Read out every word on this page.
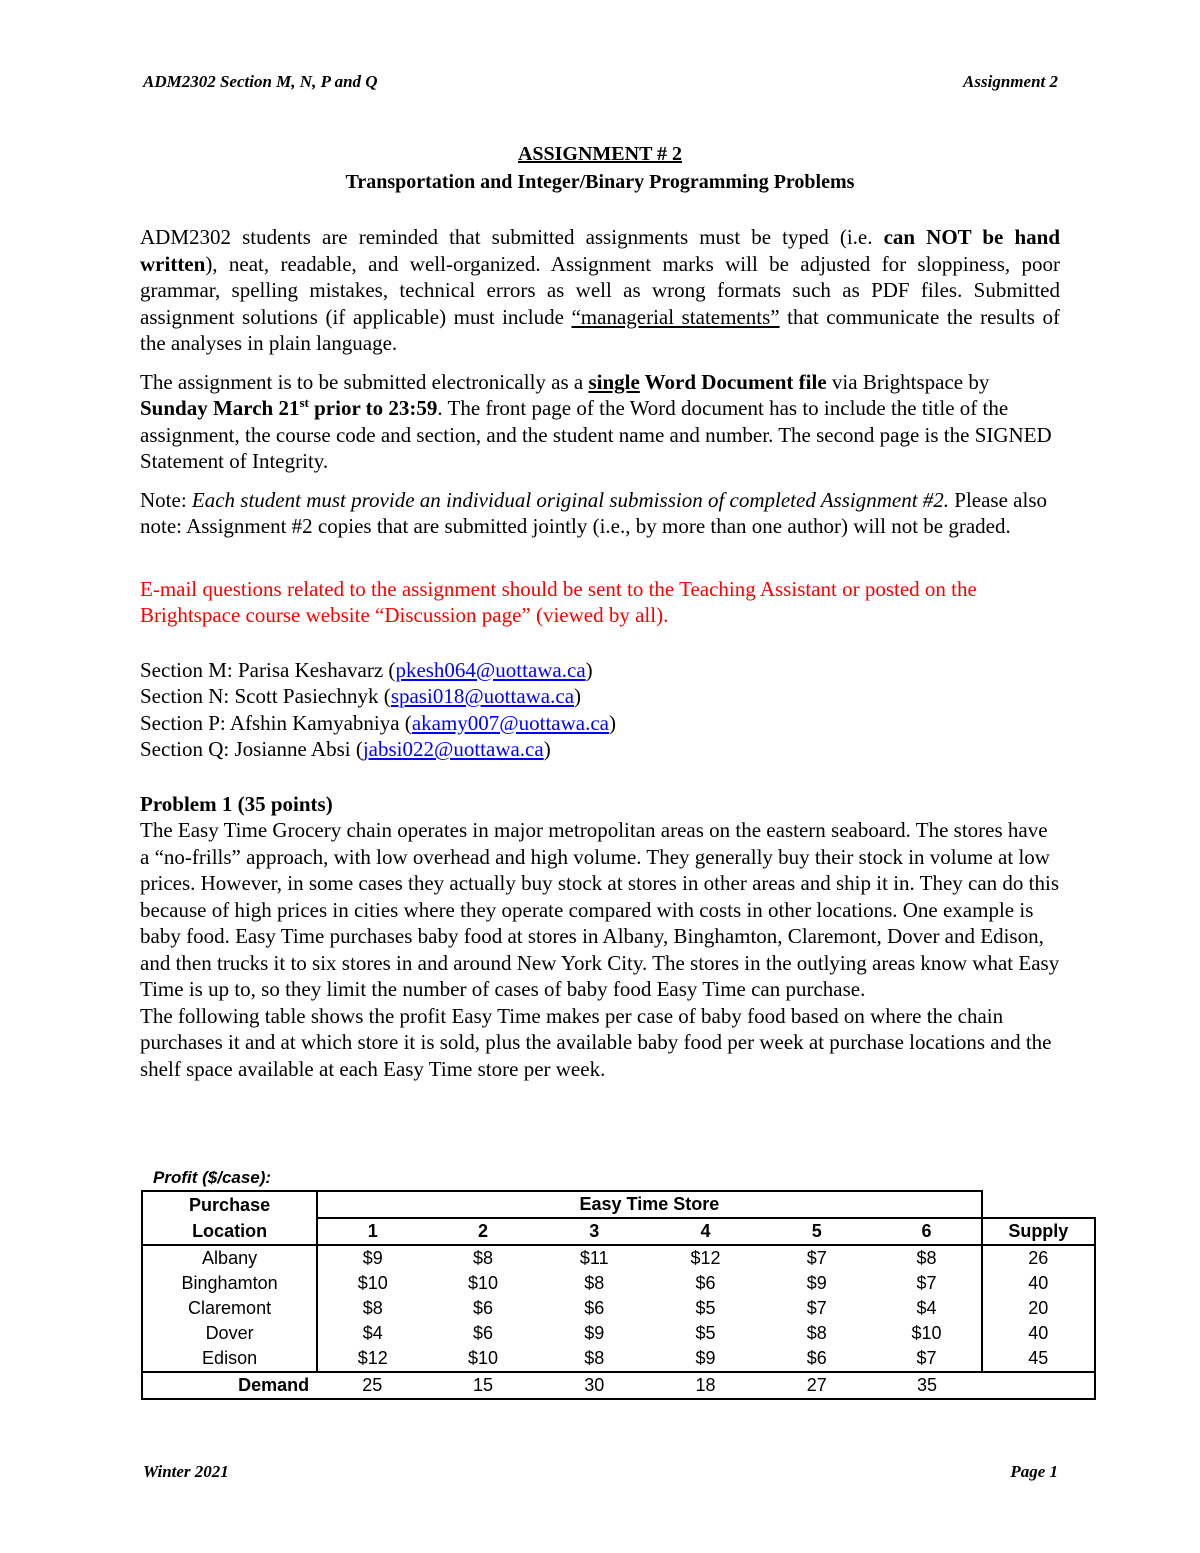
ADM2302 Section M, N, P and Q	Assignment 2

ASSIGNMENT # 2

Transportation and Integer/Binary Programming Problems

ADM2302 students are reminded that submitted assignments must be typed (i.e. can NOT be hand written), neat, readable, and well-organized. Assignment marks will be adjusted for sloppiness, poor grammar, spelling mistakes, technical errors as well as wrong formats such as PDF files. Submitted assignment solutions (if applicable) must include “managerial statements” that communicate the results of the analyses in plain language.

The assignment is to be submitted electronically as a single Word Document file via Brightspace by Sunday March 21st prior to 23:59. The front page of the Word document has to include the title of the assignment, the course code and section, and the student name and number. The second page is the SIGNED Statement of Integrity.

Note: Each student must provide an individual original submission of completed Assignment #2. Please also note: Assignment #2 copies that are submitted jointly (i.e., by more than one author) will not be graded.

E-mail questions related to the assignment should be sent to the Teaching Assistant or posted on the Brightspace course website “Discussion page” (viewed by all).

Section M: Parisa Keshavarz (pkesh064@uottawa.ca)

Section N: Scott Pasiechnyk (spasi018@uottawa.ca)

Section P: Afshin Kamyabniya (akamy007@uottawa.ca)

Section Q: Josianne Absi (jabsi022@uottawa.ca)

Problem 1 (35 points)

The Easy Time Grocery chain operates in major metropolitan areas on the eastern seaboard. The stores have a “no-frills” approach, with low overhead and high volume. They generally buy their stock in volume at low prices. However, in some cases they actually buy stock at stores in other areas and ship it in. They can do this because of high prices in cities where they operate compared with costs in other locations. One example is baby food. Easy Time purchases baby food at stores in Albany, Binghamton, Claremont, Dover and Edison, and then trucks it to six stores in and around New York City. The stores in the outlying areas know what Easy Time is up to, so they limit the number of cases of baby food Easy Time can purchase.

The following table shows the profit Easy Time makes per case of baby food based on where the chain purchases it and at which store it is sold, plus the available baby food per week at purchase locations and the shelf space available at each Easy Time store per week.

Profit ($/case):
Purchase	Easy Time Store						
Location	1	2	3	4	5	6	Supply
Albany	$9	$8	$11	$12	$7	$8	26
Binghamton	$10	$10	$8	$6	$9	$7	40
Claremont	$8	$6	$6	$5	$7	$4	20
Dover	$4	$6	$9	$5	$8	$10	40
Edison	$12	$10	$8	$9	$6	$7	45
Demand	25	15	30	18	27	35	
Winter 2021	Page 1
